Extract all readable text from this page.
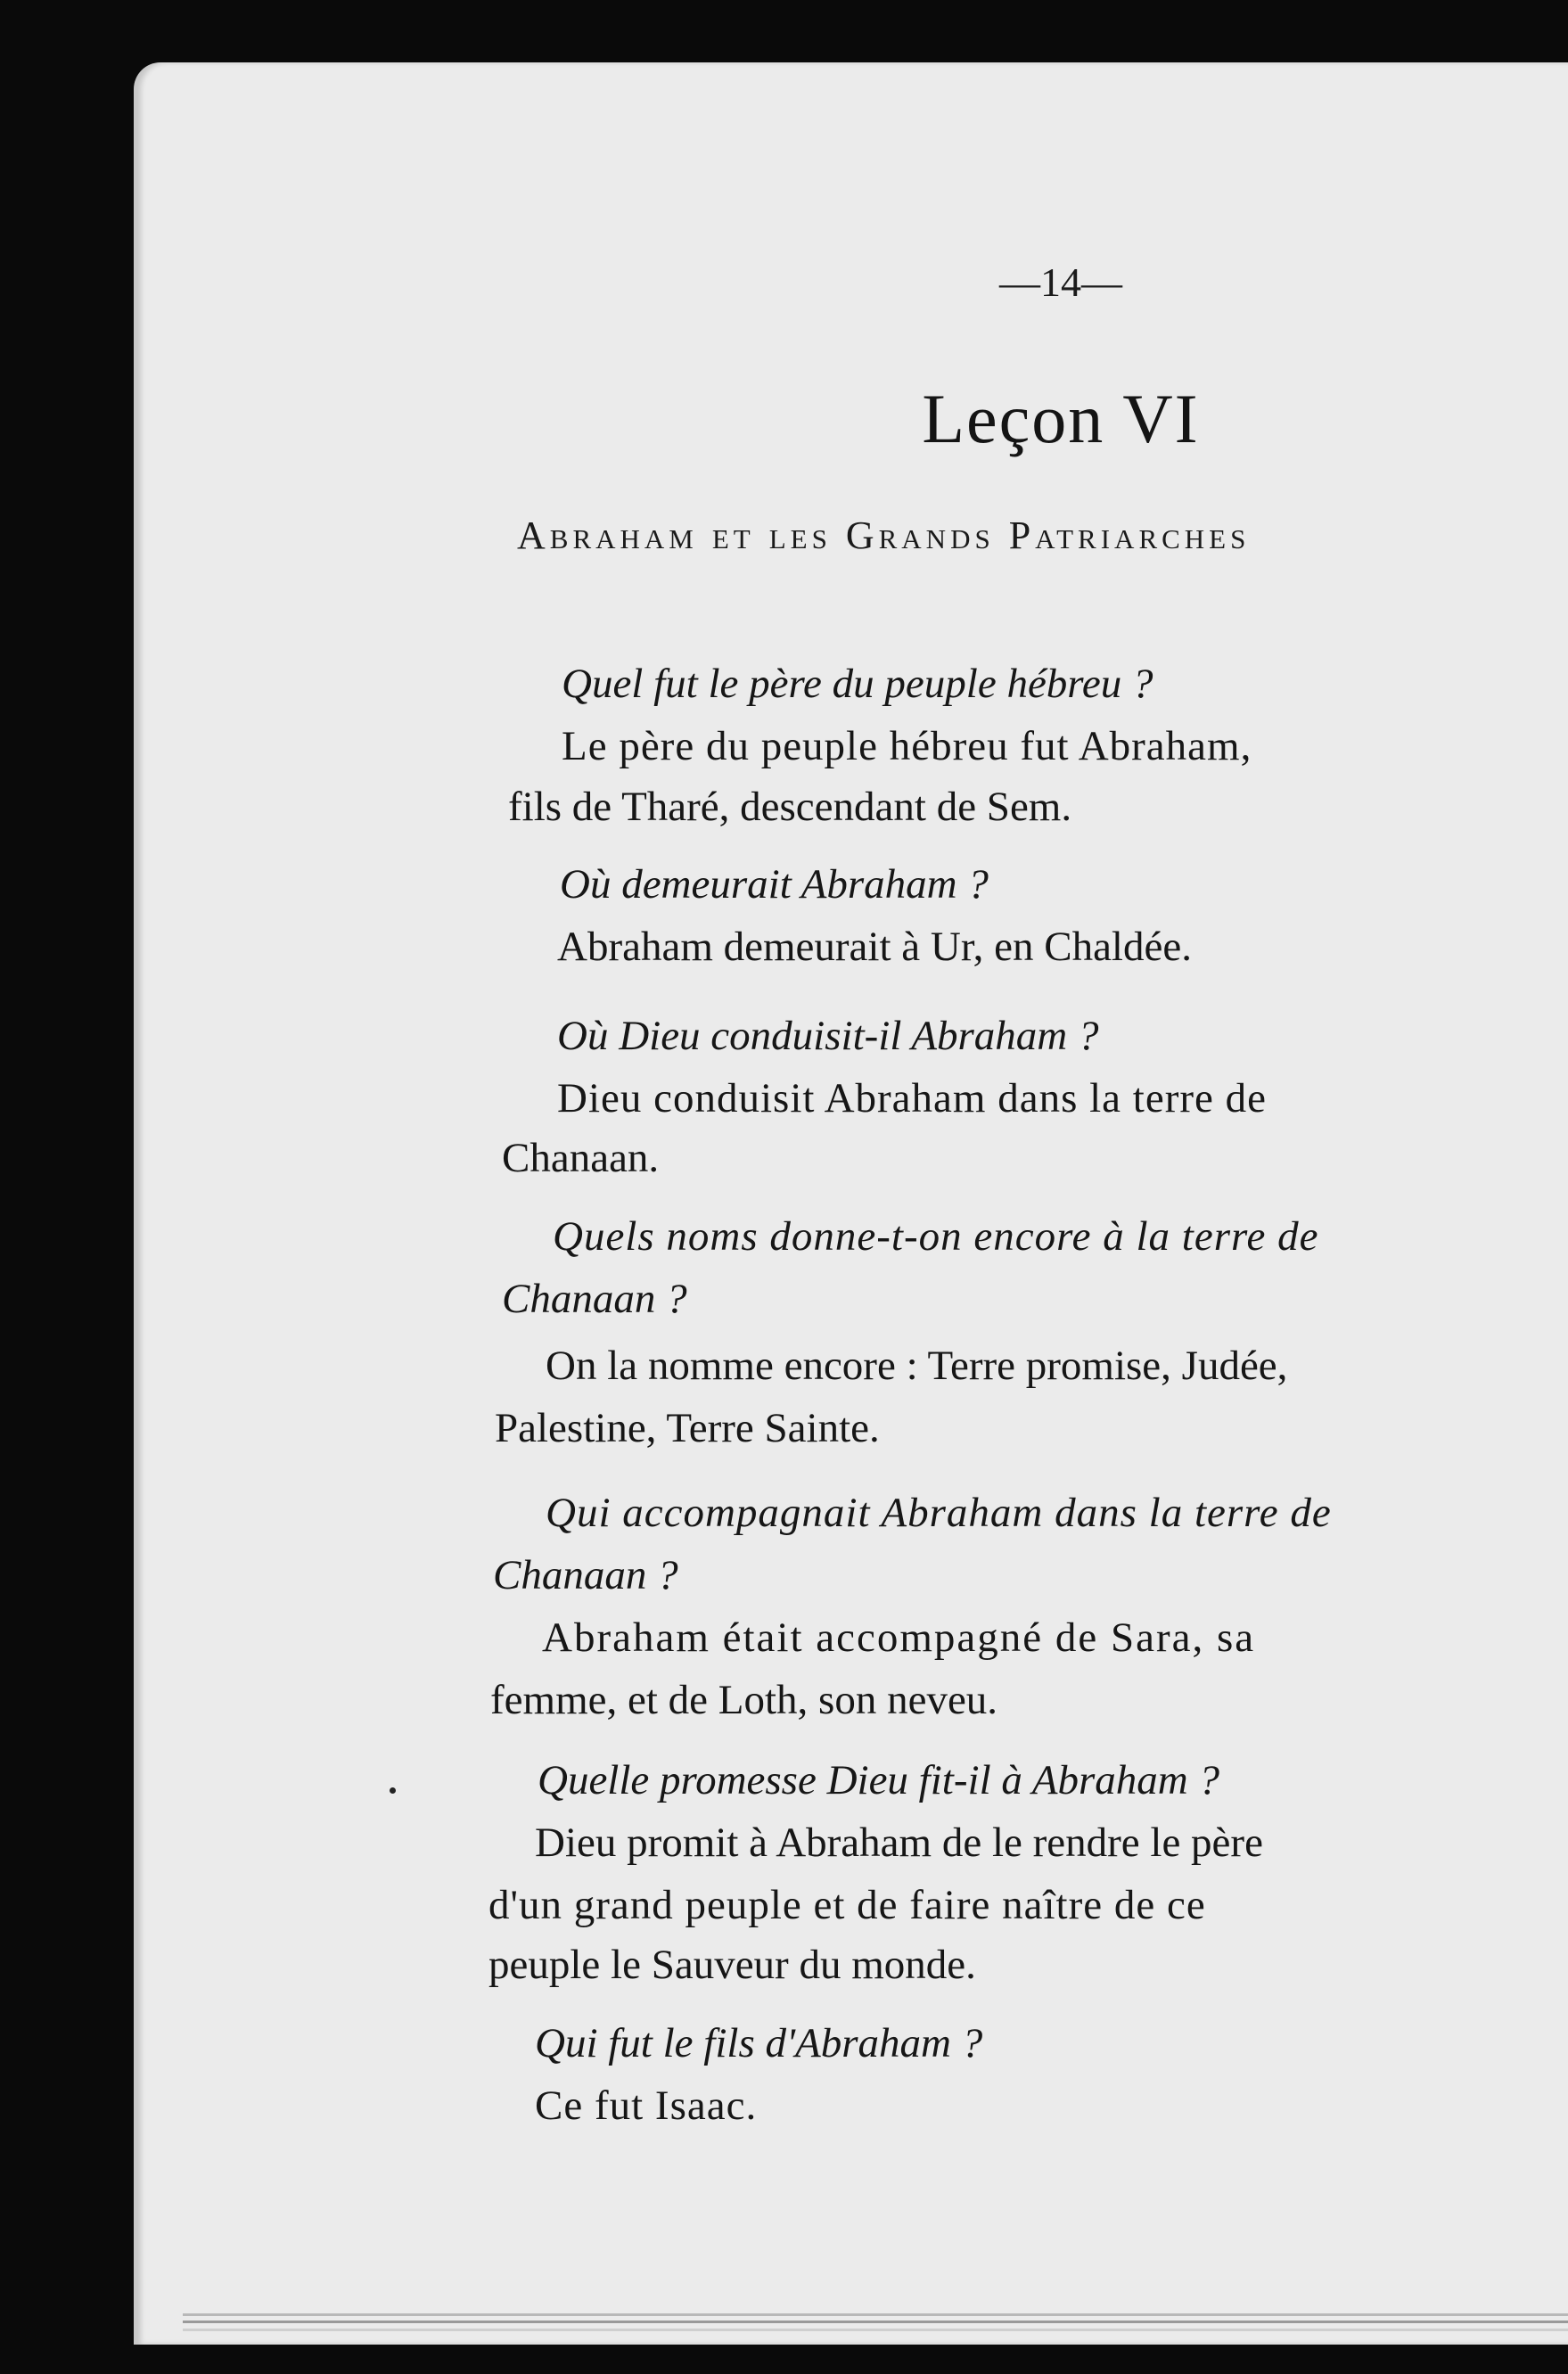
—14—
Leçon VI
Abraham et les Grands Patriarches
Quel fut le père du peuple hébreu ?
Le père du peuple hébreu fut Abraham,
fils de Tharé, descendant de Sem.
Où demeurait Abraham ?
Abraham demeurait à Ur, en Chaldée.
Où Dieu conduisit-il Abraham ?
Dieu conduisit Abraham dans la terre de
Chanaan.
Quels noms donne-t-on encore à la terre de
Chanaan ?
On la nomme encore : Terre promise, Judée,
Palestine, Terre Sainte.
Qui accompagnait Abraham dans la terre de
Chanaan ?
Abraham était accompagné de Sara, sa
femme, et de Loth, son neveu.
Quelle promesse Dieu fit-il à Abraham ?
Dieu promit à Abraham de le rendre le père
d'un grand peuple et de faire naître de ce
peuple le Sauveur du monde.
Qui fut le fils d'Abraham ?
Ce fut Isaac.
